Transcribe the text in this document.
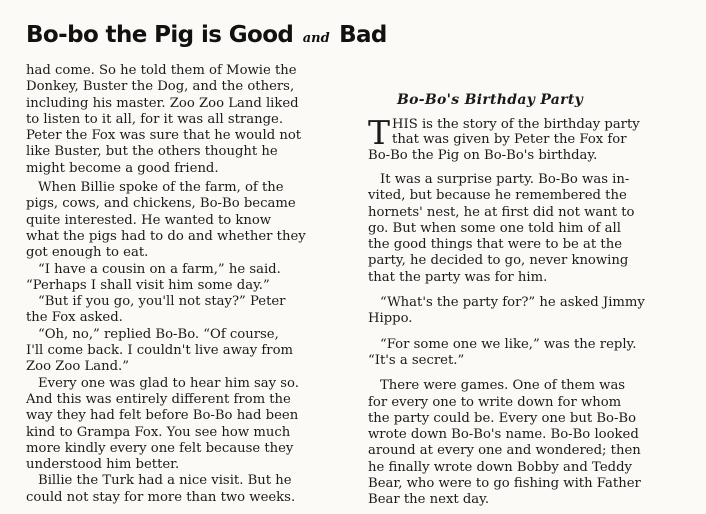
Bo-bo the Pig is Good and Bad
had come. So he told them of Mowie the
Donkey, Buster the Dog, and the others,
including his master. Zoo Zoo Land liked
to listen to it all, for it was all strange.
Peter the Fox was sure that he would not
like Buster, but the others thought he
might become a good friend.
When Billie spoke of the farm, of the
pigs, cows, and chickens, Bo-Bo became
quite interested. He wanted to know
what the pigs had to do and whether they
got enough to eat.
“I have a cousin on a farm,” he said.
“Perhaps I shall visit him some day.”
“But if you go, you'll not stay?” Peter
the Fox asked.
“Oh, no,” replied Bo-Bo. “Of course,
I'll come back. I couldn't live away from
Zoo Zoo Land.”
Every one was glad to hear him say so.
And this was entirely different from the
way they had felt before Bo-Bo had been
kind to Grampa Fox. You see how much
more kindly every one felt because they
understood him better.
Billie the Turk had a nice visit. But he
could not stay for more than two weeks.
Bo-Bo's Birthday Party
T HIS is the story of the birthday party
that was given by Peter the Fox for
Bo-Bo the Pig on Bo-Bo's birthday.
It was a surprise party. Bo-Bo was in-
vited, but because he remembered the
hornets' nest, he at first did not want to
go. But when some one told him of all
the good things that were to be at the
party, he decided to go, never knowing
that the party was for him.
“What's the party for?” he asked Jimmy
Hippo.
“For some one we like,” was the reply.
“It's a secret.”
There were games. One of them was
for every one to write down for whom
the party could be. Every one but Bo-Bo
wrote down Bo-Bo's name. Bo-Bo looked
around at every one and wondered; then
he finally wrote down Bobby and Teddy
Bear, who were to go fishing with Father
Bear the next day.
